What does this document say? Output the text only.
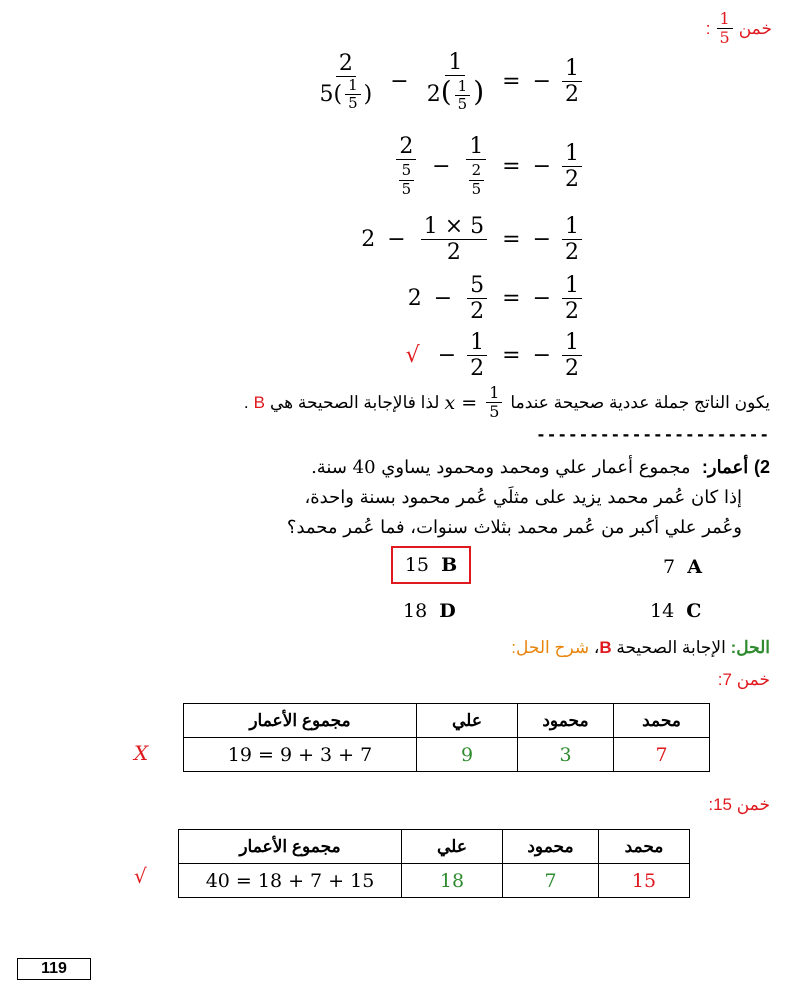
خمن
$\frac{1}{5}$
:
$\frac{2}{5( \frac{1}{5} )} - \frac{1}{2( \frac{1}{5} )}$ = − $\frac{1}{2}$
$\frac{2}{\frac{5}{5}} - \frac{1}{\frac{2}{5}}$ = − $\frac{1}{2}$
$2 - \frac{1 \times 5}{2}$ = − $\frac{1}{2}$
$2 - \frac{5}{2}$ = − $\frac{1}{2}$
√ − $\frac{1}{2}$ = − $\frac{1}{2}$
يكون الناتج جملة عددية صحيحة عندما
$x = \frac{1}{5}$
لذا فالإجابة الصحيحة هي
B
.
----------------------
2) أعمار:  مجموع أعمار علي ومحمد ومحمود يساوي 40 سنة.
إذا كان عُمر محمد يزيد على مثلَي عُمر محمود بسنة واحدة،
وعُمر علي أكبر من عُمر محمد بثلاث سنوات، فما عُمر محمد؟
7 A
15
B
14 C
18 D
الحل: الإجابة الصحيحة B، شرح الحل:
خمن 7:
محمد	محمود	علي	مجموع الأعمار
7	3	9	19 = 9 + 3 + 7
X
خمن 15:
محمد	محمود	علي	مجموع الأعمار
15	7	18	40 = 18 + 7 + 15
√
119
